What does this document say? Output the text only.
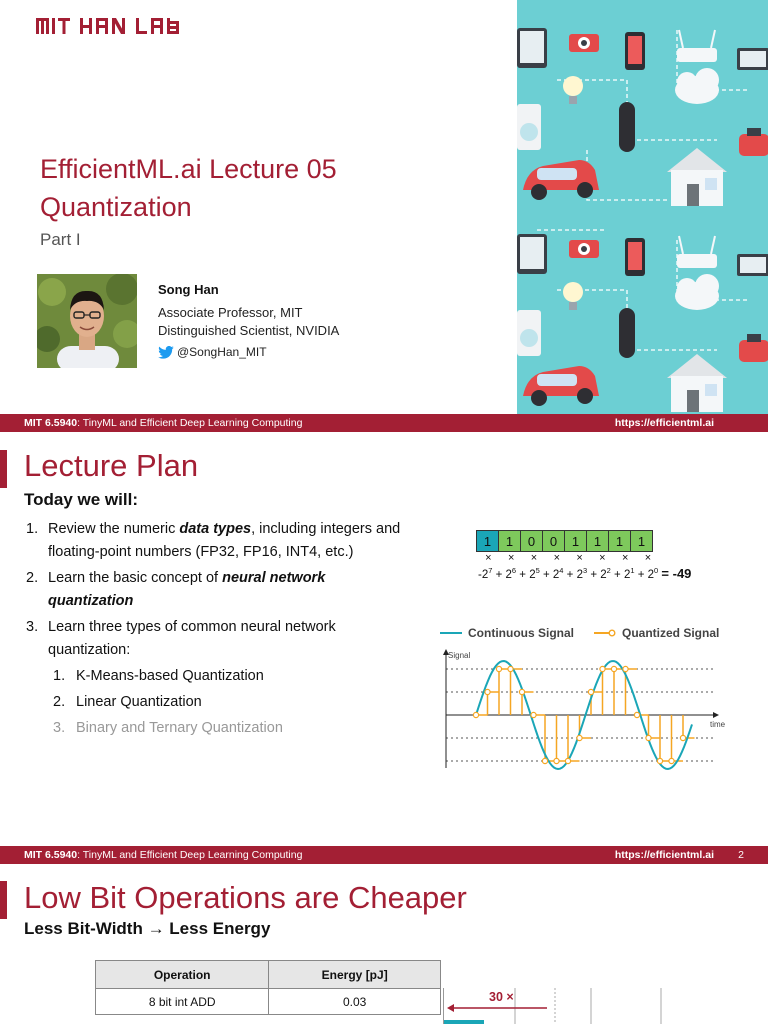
EfficientML.ai Lecture 05
Quantization
Part I
Song Han
Associate Professor, MIT
Distinguished Scientist, NVIDIA
@SongHan_MIT
MIT 6.5940: TinyML and Efficient Deep Learning Computing	https://efficientml.ai
Lecture Plan
Today we will:
1. Review the numeric data types, including integers and floating-point numbers (FP32, FP16, INT4, etc.)
2. Learn the basic concept of neural network quantization
3. Learn three types of common neural network quantization:
1. K-Means-based Quantization
2. Linear Quantization
3. Binary and Ternary Quantization
1	1	0	0	1	1	1	1
×	×	×	×	×	×	×	×
$-2^7 + 2^6 + 2^5 + 2^4 + 2^3 + 2^2 + 2^1 + 2^0 = -49$
Continuous Signal	Quantized Signal
Signal
time
MIT 6.5940: TinyML and Efficient Deep Learning Computing	https://efficientml.ai	2
Low Bit Operations are Cheaper
Less Bit-Width → Less Energy
Operation	Energy [pJ]
8 bit int ADD	0.03	30 ×
